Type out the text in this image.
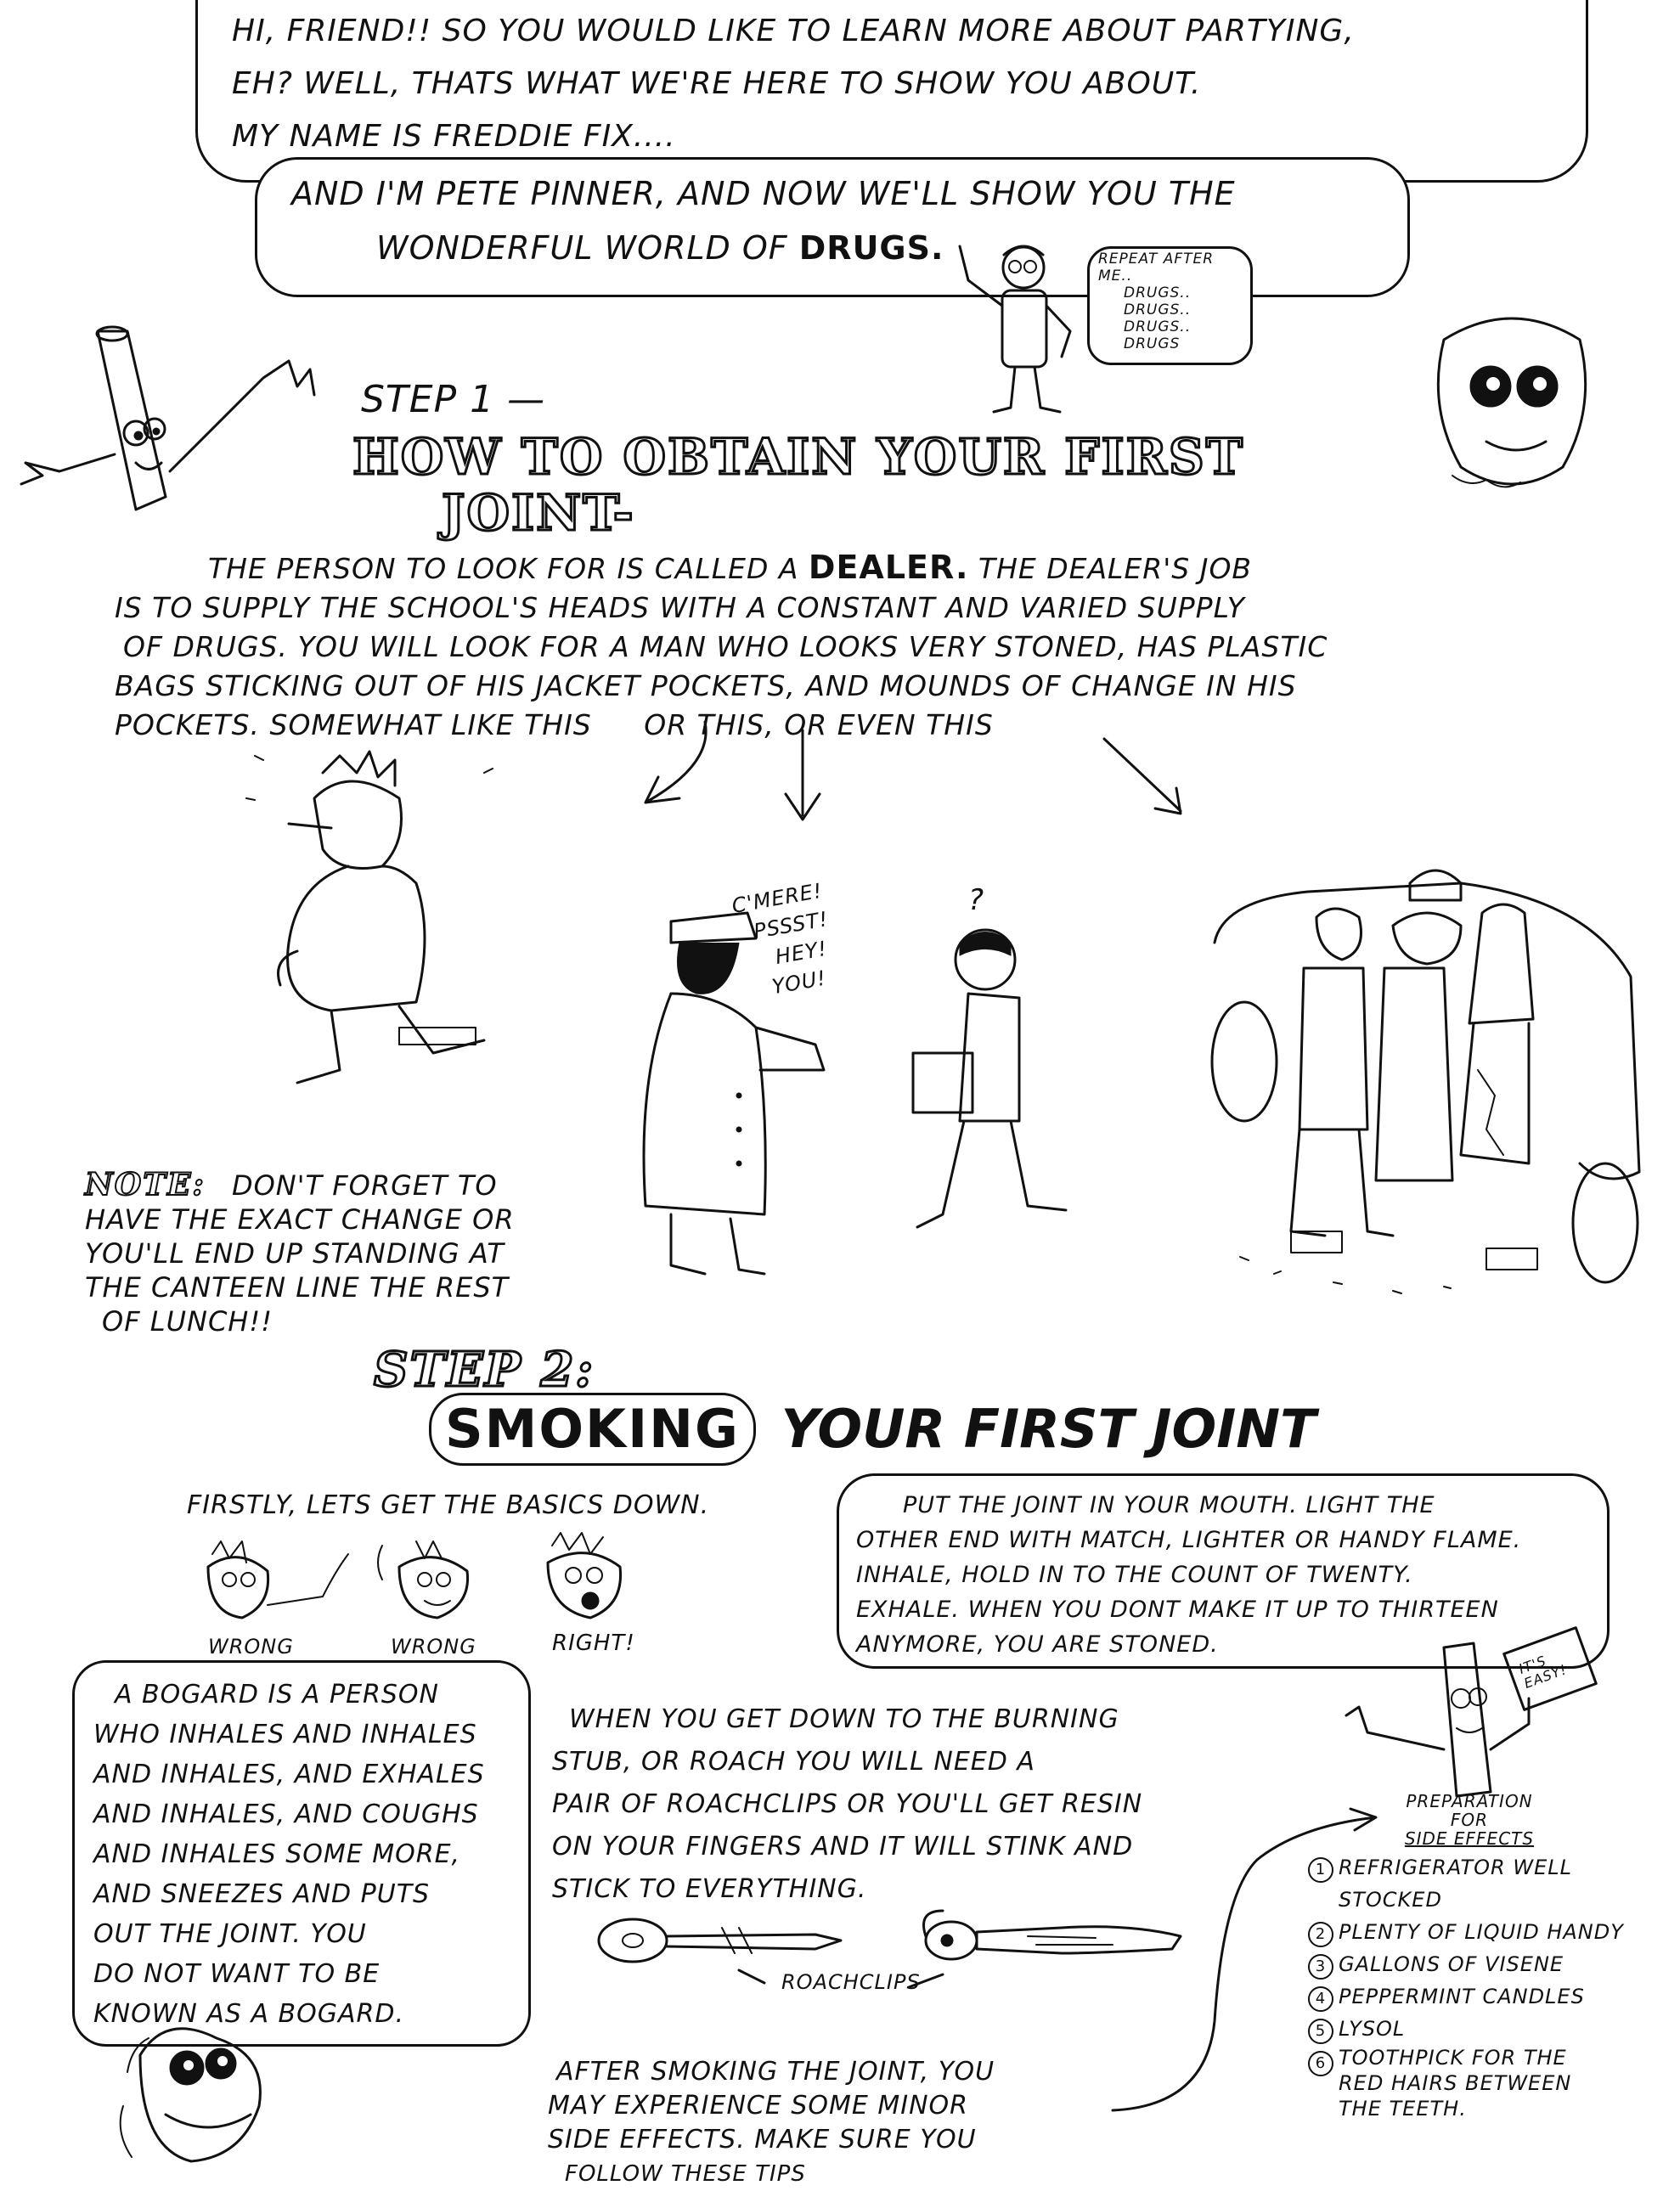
HI, FRIEND!! SO YOU WOULD LIKE TO LEARN MORE ABOUT PARTYING,
EH? WELL, THATS WHAT WE'RE HERE TO SHOW YOU ABOUT.
MY NAME IS FREDDIE FIX....
AND I'M PETE PINNER, AND NOW WE'LL SHOW YOU THE
WONDERFUL WORLD OF DRUGS.	REPEAT AFTER
ME..
DRUGS..
DRUGS..
DRUGS..
DRUGS
STEP 1 —
HOW TO OBTAIN YOUR FIRST
JOINT-
THE PERSON TO LOOK FOR IS CALLED A DEALER. THE DEALER'S JOB
IS TO SUPPLY THE SCHOOL'S HEADS WITH A CONSTANT AND VARIED SUPPLY
OF DRUGS. YOU WILL LOOK FOR A MAN WHO LOOKS VERY STONED, HAS PLASTIC
BAGS STICKING OUT OF HIS JACKET POCKETS, AND MOUNDS OF CHANGE IN HIS
POCKETS. SOMEWHAT LIKE THIS OR THIS, OR EVEN THIS
C'MERE!
PSSST!
HEY!
YOU!
?
NOTE: DON'T FORGET TO
HAVE THE EXACT CHANGE OR
YOU'LL END UP STANDING AT
THE CANTEEN LINE THE REST
OF LUNCH!!
STEP 2:
SMOKING YOUR FIRST JOINT
FIRSTLY, LETS GET THE BASICS DOWN.
WRONG	WRONG	RIGHT!
PUT THE JOINT IN YOUR MOUTH. LIGHT THE
OTHER END WITH MATCH, LIGHTER OR HANDY FLAME.
INHALE, HOLD IN TO THE COUNT OF TWENTY.
EXHALE. WHEN YOU DONT MAKE IT UP TO THIRTEEN
ANYMORE, YOU ARE STONED.
IT'S EASY!
A BOGARD IS A PERSON
WHO INHALES AND INHALES
AND INHALES, AND EXHALES
AND INHALES, AND COUGHS
AND INHALES SOME MORE,
AND SNEEZES AND PUTS
OUT THE JOINT. YOU
DO NOT WANT TO BE
KNOWN AS A BOGARD.
WHEN YOU GET DOWN TO THE BURNING
STUB, OR ROACH YOU WILL NEED A
PAIR OF ROACHCLIPS OR YOU'LL GET RESIN
ON YOUR FINGERS AND IT WILL STINK AND
STICK TO EVERYTHING.
ROACHCLIPS
AFTER SMOKING THE JOINT, YOU
MAY EXPERIENCE SOME MINOR
SIDE EFFECTS. MAKE SURE YOU
FOLLOW THESE TIPS
PREPARATION
FOR
SIDE EFFECTS
1 REFRIGERATOR WELL STOCKED
2 PLENTY OF LIQUID HANDY
3 GALLONS OF VISENE
4 PEPPERMINT CANDLES
5 LYSOL
6 TOOTHPICK FOR THE RED HAIRS BETWEEN THE TEETH.
